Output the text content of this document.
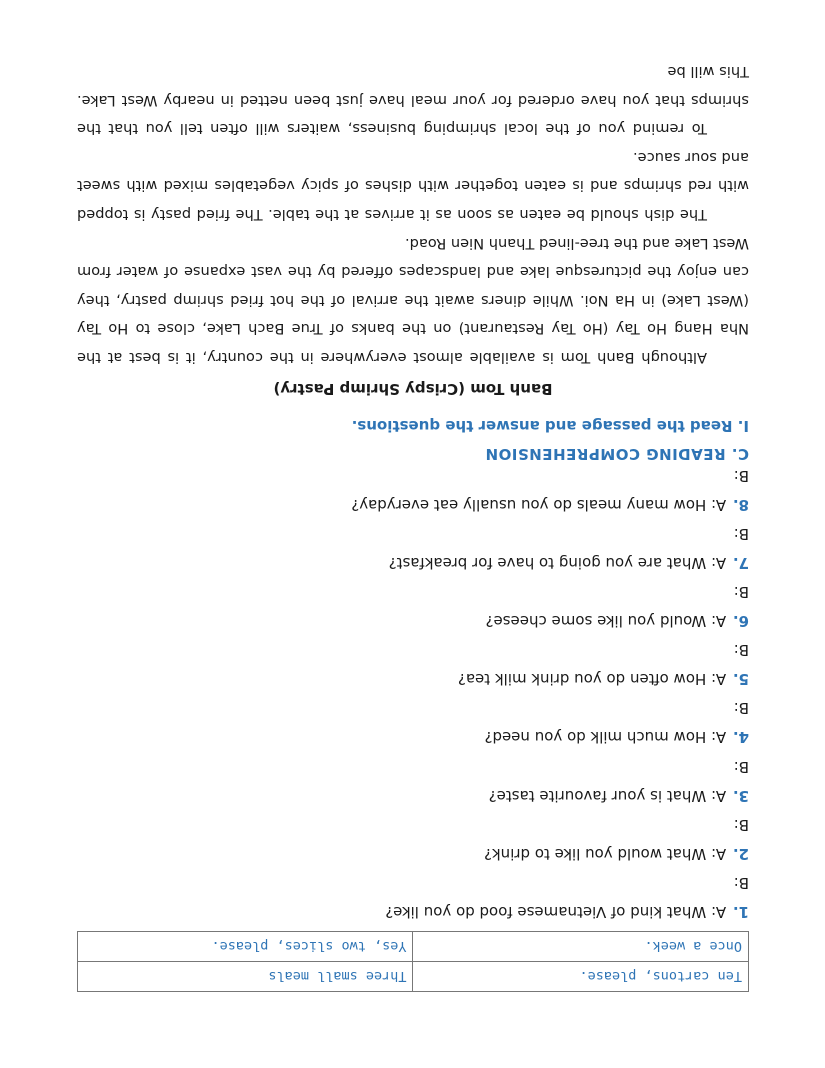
Ten cartons, please.	Three small meals
Once a week.	Yes, two slices, please.
1. A: What kind of Vietnamese food do you like?
B:
2. A: What would you like to drink?
B:
3. A: What is your favourite taste?
B:
4. A: How much milk do you need?
B:
5. A: How often do you drink milk tea?
B:
6. A: Would you like some cheese?
B:
7. A: What are you going to have for breakfast?
B:
8. A: How many meals do you usually eat everyday?
B:
C. READING COMPREHENSION
I. Read the passage and answer the questions.
Banh Tom (Crispy Shrimp Pastry)

Although Banh Tom is available almost everywhere in the country, it is best at the Nha Hang Ho Tay (Ho Tay Restaurant) on the banks of True Bach Lake, close to Ho Tay (West Lake) in Ha Noi. While diners await the arrival of the hot fried shrimp pastry, they can enjoy the picturesque lake and landscapes offered by the vast expanse of water from West Lake and the tree-lined Thanh Nien Road.

The dish should be eaten as soon as it arrives at the table. The fried pasty is topped with red shrimps and is eaten together with dishes of spicy vegetables mixed with sweet and sour sauce.

To remind you of the local shrimping business, waiters will often tell you that the shrimps that you have ordered for your meal have just been netted in nearby West Lake. This will be
